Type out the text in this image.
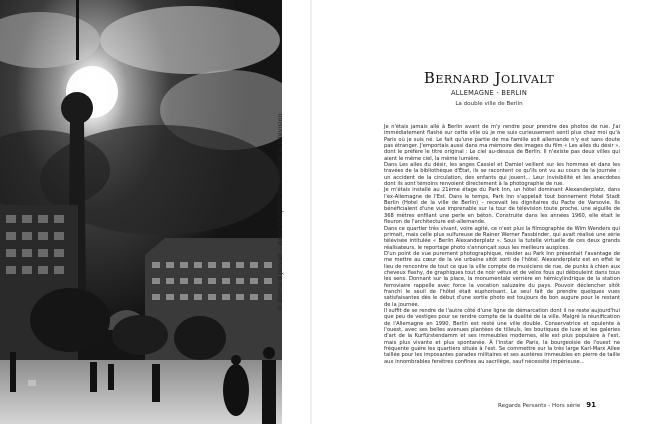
© Bernard Jolivalt – Alexanderplatz et la tour de la télévision
Bernard Jolivalt
ALLEMAGNE - BERLIN
La double ville de Berlin

Je n'étais jamais allé à Berlin avant de m'y rendre pour prendre des photos de rue. J'ai immédiatement flashé sur cette ville où je me suis curieusement senti plus chez moi qu'à Paris où je suis né. Le fait qu'une partie de ma famille soit allemande n'y est sans doute pas étranger. J'emportais aussi dans ma mémoire des images du film « Les ailes du désir », dont le préfère le titre original : Le ciel au-dessus de Berlin. Il n'existe pas deux villes qui aient le même ciel, la même lumière.

Dans Les ailes du désir, les anges Cassiel et Damiel veillent sur les hommes et dans les travées de la bibliothèque d'État, ils se racontent ce qu'ils ont vu au cours de la journée : un accident de la circulation, des enfants qui jouent... Leur invisibilité et les anecdotes dont ils sont témoins renvoient directement à la photographie de rue.

Je m'étais installé au 21ème étage du Park Inn, un hôtel dominant Alexanderplatz, dans l'ex-Allemagne de l'Est. Dans le temps, Park Inn s'appelait tout bonnement Hotel Stadt Berlin (Hotel de la ville de Berlin) – recevait les dignitaires du Pacte de Varsovie. Ils bénéficiaient d'une vue imprenable sur la tour de télévision toute proche, une aiguille de 368 mètres enfilant une perle en béton. Construite dans les années 1960, elle était le fleuron de l'architecture est-allemande.

Dans ce quartier très vivant, voire agité, ce n'est plus la filmographie de Wim Wenders qui primait, mais celle plus sulfureuse de Rainer Werner Fassbinder, qui avait réalisé une série télévisée intitulée « Berlin Alexanderplatz ». Sous la tutelle virtuelle de ces deux grands réalisateurs, le reportage photo s'annonçait sous les meilleurs auspices.

D'un point de vue purement photographique, résider au Park Inn présentait l'avantage de me mettre au cœur de la vie urbaine sitôt sorti de l'hôtel. Alexanderplatz est en effet le lieu de rencontre de tout ce que la ville compte de musiciens de rue, de punks à chien aux cheveux flashy, de graphiques tout de noir vêtus et de vélos fous qui débouleint dans tous les sens. Donnant sur la place, la monumentale verrière en hémicylindrique de la station ferroviaire rappelle avec force la vocation saluzaire du pays. Pouvoir déclencher sitôt franchi le seuil de l'hôtel était euphorisant. Le seul fait de prendre quelques vues satisfaisantes dès le début d'une sortie photo est toujours de bon augure pour le restant de la journée.

Il suffit de se rendre de l'autre côté d'une ligne de démarcation dont il ne reste aujourd'hui que peu de vestiges pour se rendre compte de la dualité de la ville. Malgré la réunification de l'Allemagne en 1990, Berlin est resté une ville double. Conservatrice et opulente à l'ouest, avec ses belles avenues plantées de tilleuls, les boutiques de luxe et les galeries d'art de la Kurfürstendamm et ses immeubles modernes, elle est plus populaire à l'est, mais plus vivante et plus spontanée. À l'instar de Paris, la bourgeoisie de l'ouest ne fréquente guère les quartiers situés à l'est. Se commettre sur la très large Karl-Marx Allee taillée pour les imposantes parades militaires et ses austères immeubles en pierre de taille aux innombrables fenêtres confines au sacrilège, sauf nécessité impérieuse...

Regards Persants - Hors série 91
